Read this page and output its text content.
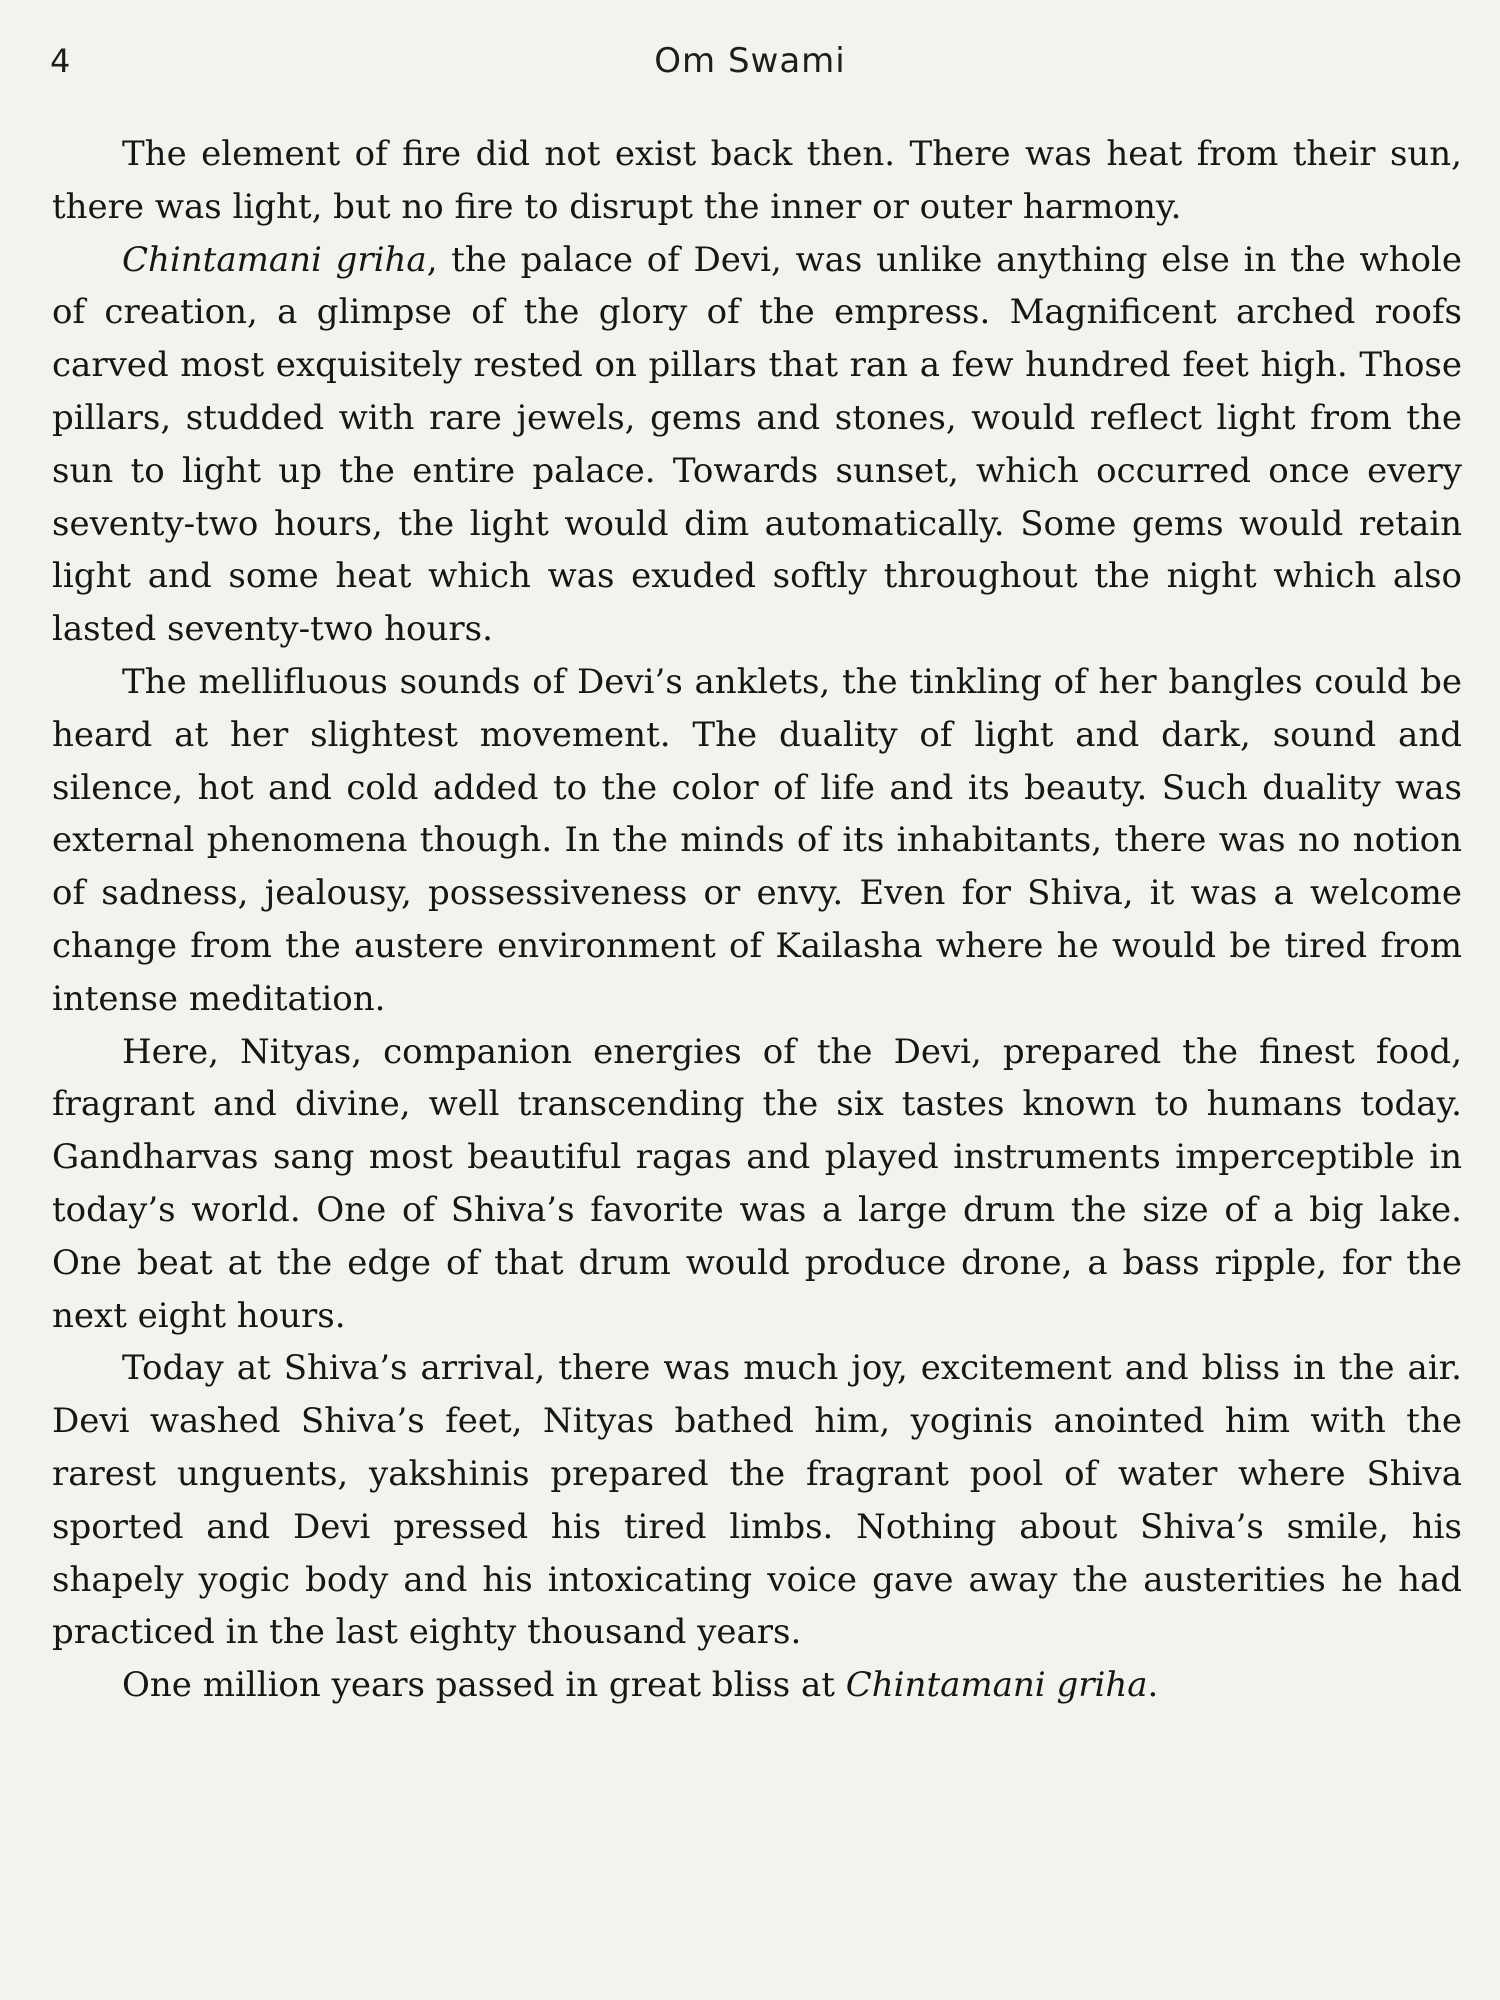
4	Om Swami

The element of fire did not exist back then. There was heat from their sun, there was light, but no fire to disrupt the inner or outer harmony.

Chintamani griha, the palace of Devi, was unlike anything else in the whole of creation, a glimpse of the glory of the empress. Magnificent arched roofs carved most exquisitely rested on pillars that ran a few hundred feet high. Those pillars, studded with rare jewels, gems and stones, would reflect light from the sun to light up the entire palace. Towards sunset, which occurred once every seventy-two hours, the light would dim automatically. Some gems would retain light and some heat which was exuded softly throughout the night which also lasted seventy-two hours.

The mellifluous sounds of Devi’s anklets, the tinkling of her bangles could be heard at her slightest movement. The duality of light and dark, sound and silence, hot and cold added to the color of life and its beauty. Such duality was external phenomena though. In the minds of its inhabitants, there was no notion of sadness, jealousy, possessiveness or envy. Even for Shiva, it was a welcome change from the austere environment of Kailasha where he would be tired from intense meditation.

Here, Nityas, companion energies of the Devi, prepared the finest food, fragrant and divine, well transcending the six tastes known to humans today. Gandharvas sang most beautiful ragas and played instruments imperceptible in today’s world. One of Shiva’s favorite was a large drum the size of a big lake. One beat at the edge of that drum would produce drone, a bass ripple, for the next eight hours.

Today at Shiva’s arrival, there was much joy, excitement and bliss in the air. Devi washed Shiva’s feet, Nityas bathed him, yoginis anointed him with the rarest unguents, yakshinis prepared the fragrant pool of water where Shiva sported and Devi pressed his tired limbs. Nothing about Shiva’s smile, his shapely yogic body and his intoxicating voice gave away the austerities he had practiced in the last eighty thousand years.

One million years passed in great bliss at Chintamani griha.
